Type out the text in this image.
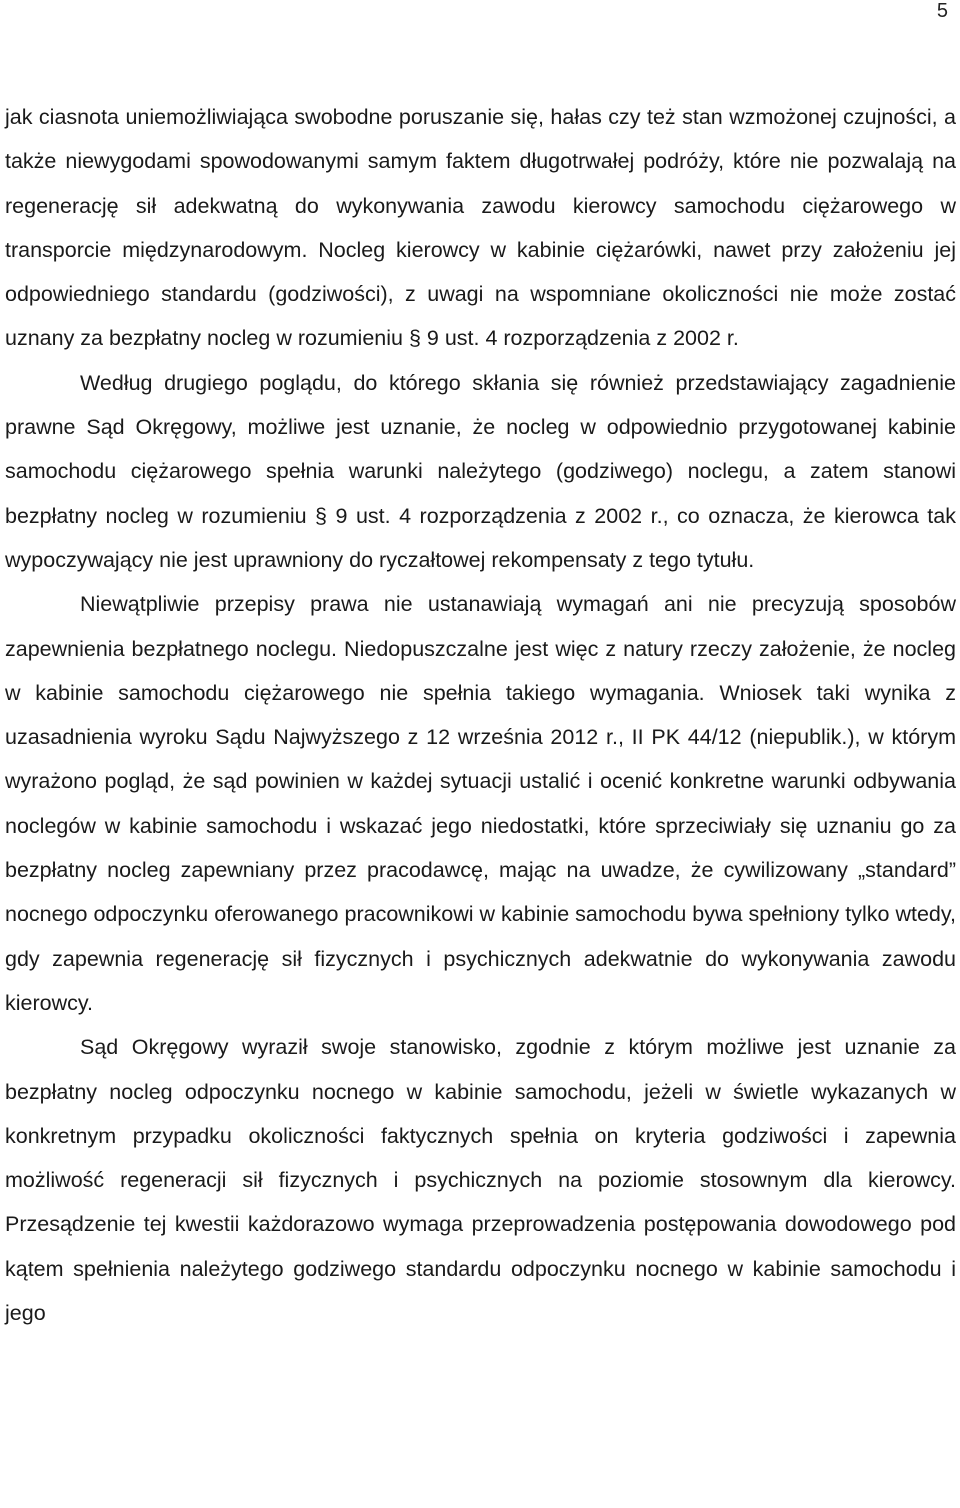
5

jak ciasnota uniemożliwiająca swobodne poruszanie się, hałas czy też stan wzmożonej czujności, a także niewygodami spowodowanymi samym faktem długotrwałej podróży, które nie pozwalają na regenerację sił adekwatną do wykonywania zawodu kierowcy samochodu ciężarowego w transporcie międzynarodowym. Nocleg kierowcy w kabinie ciężarówki, nawet przy założeniu jej odpowiedniego standardu (godziwości), z uwagi na wspomniane okoliczności nie może zostać uznany za bezpłatny nocleg w rozumieniu § 9 ust. 4 rozporządzenia z 2002 r.

Według drugiego poglądu, do którego skłania się również przedstawiający zagadnienie prawne Sąd Okręgowy, możliwe jest uznanie, że nocleg w odpowiednio przygotowanej kabinie samochodu ciężarowego spełnia warunki należytego (godziwego) noclegu, a zatem stanowi bezpłatny nocleg w rozumieniu § 9 ust. 4 rozporządzenia z 2002 r., co oznacza, że kierowca tak wypoczywający nie jest uprawniony do ryczałtowej rekompensaty z tego tytułu.

Niewątpliwie przepisy prawa nie ustanawiają wymagań ani nie precyzują sposobów zapewnienia bezpłatnego noclegu. Niedopuszczalne jest więc z natury rzeczy założenie, że nocleg w kabinie samochodu ciężarowego nie spełnia takiego wymagania. Wniosek taki wynika z uzasadnienia wyroku Sądu Najwyższego z 12 września 2012 r., II PK 44/12 (niepublik.), w którym wyrażono pogląd, że sąd powinien w każdej sytuacji ustalić i ocenić konkretne warunki odbywania noclegów w kabinie samochodu i wskazać jego niedostatki, które sprzeciwiały się uznaniu go za bezpłatny nocleg zapewniany przez pracodawcę, mając na uwadze, że cywilizowany „standard” nocnego odpoczynku oferowanego pracownikowi w kabinie samochodu bywa spełniony tylko wtedy, gdy zapewnia regenerację sił fizycznych i psychicznych adekwatnie do wykonywania zawodu kierowcy.

Sąd Okręgowy wyraził swoje stanowisko, zgodnie z którym możliwe jest uznanie za bezpłatny nocleg odpoczynku nocnego w kabinie samochodu, jeżeli w świetle wykazanych w konkretnym przypadku okoliczności faktycznych spełnia on kryteria godziwości i zapewnia możliwość regeneracji sił fizycznych i psychicznych na poziomie stosownym dla kierowcy. Przesądzenie tej kwestii każdorazowo wymaga przeprowadzenia postępowania dowodowego pod kątem spełnienia należytego godziwego standardu odpoczynku nocnego w kabinie samochodu i jego
